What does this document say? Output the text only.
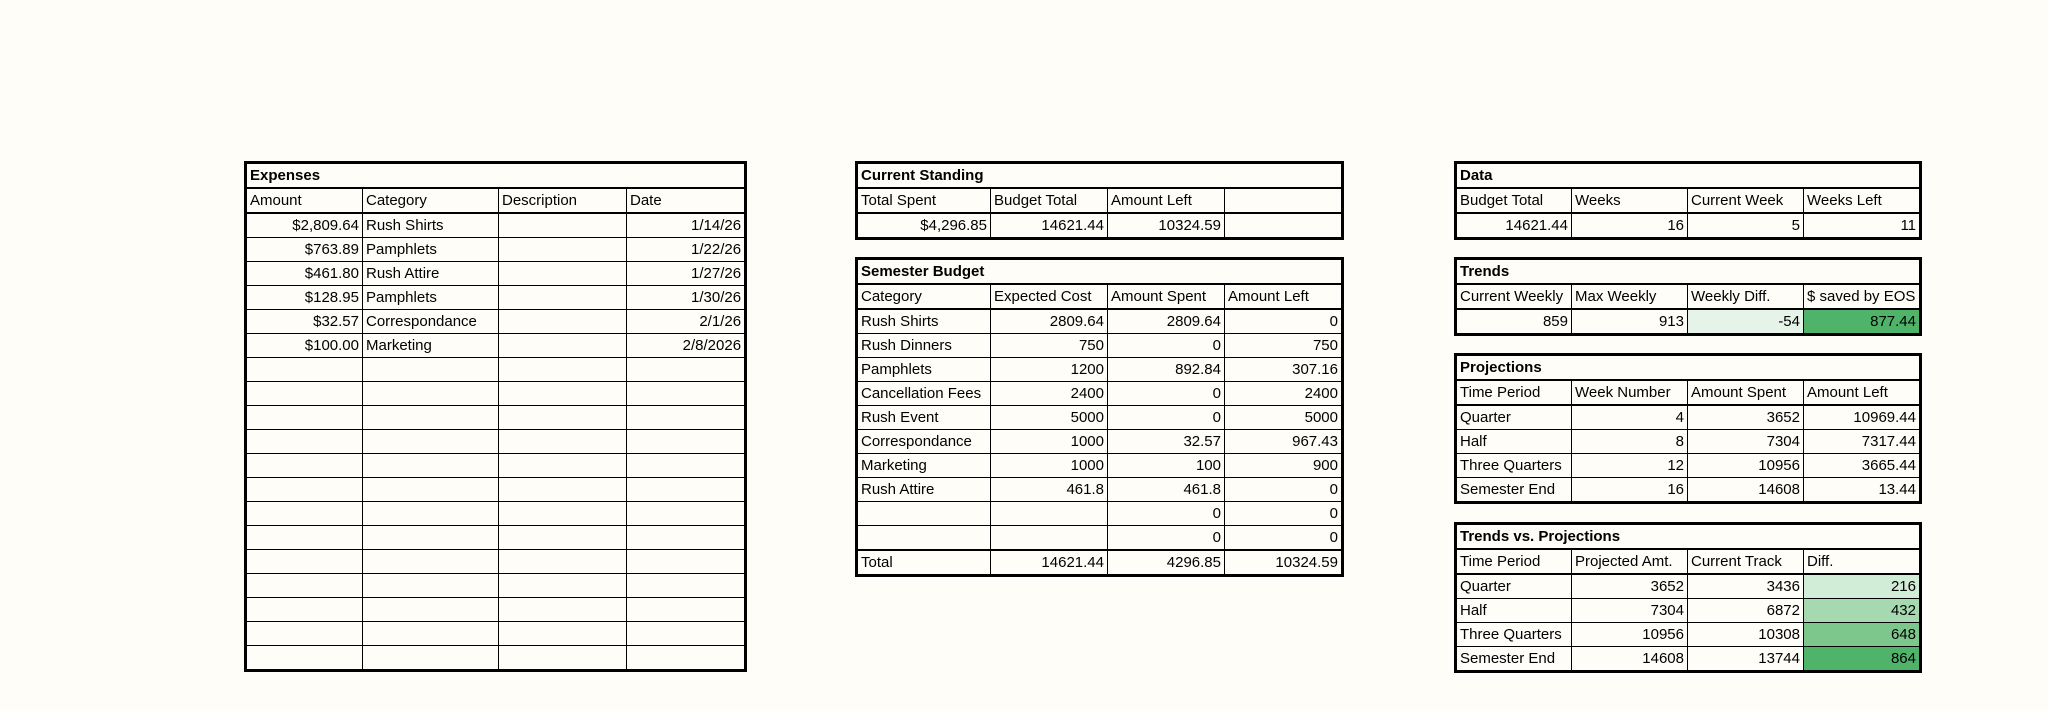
Expenses			
Amount	Category	Description	Date
$2,809.64	Rush Shirts		1/14/26
$763.89	Pamphlets		1/22/26
$461.80	Rush Attire		1/27/26
$128.95	Pamphlets		1/30/26
$32.57	Correspondance		2/1/26
$100.00	Marketing		2/8/2026

Current Standing			
Total Spent	Budget Total	Amount Left	
$4,296.85	14621.44	10324.59	
Semester Budget			
Category	Expected Cost	Amount Spent	Amount Left
Rush Shirts	2809.64	2809.64	0
Rush Dinners	750	0	750
Pamphlets	1200	892.84	307.16
Cancellation Fees	2400	0	2400
Rush Event	5000	0	5000
Correspondance	1000	32.57	967.43
Marketing	1000	100	900
Rush Attire	461.8	461.8	0
		0	0
		0	0
Total	14621.44	4296.85	10324.59
Data			
Budget Total	Weeks	Current Week	Weeks Left
14621.44	16	5	11
Trends			
Current Weekly	Max Weekly	Weekly Diff.	$ saved by EOS
859	913	-54	877.44
Projections			
Time Period	Week Number	Amount Spent	Amount Left
Quarter	4	3652	10969.44
Half	8	7304	7317.44
Three Quarters	12	10956	3665.44
Semester End	16	14608	13.44
Trends vs. Projections			
Time Period	Projected Amt.	Current Track	Diff.
Quarter	3652	3436	216
Half	7304	6872	432
Three Quarters	10956	10308	648
Semester End	14608	13744	864
